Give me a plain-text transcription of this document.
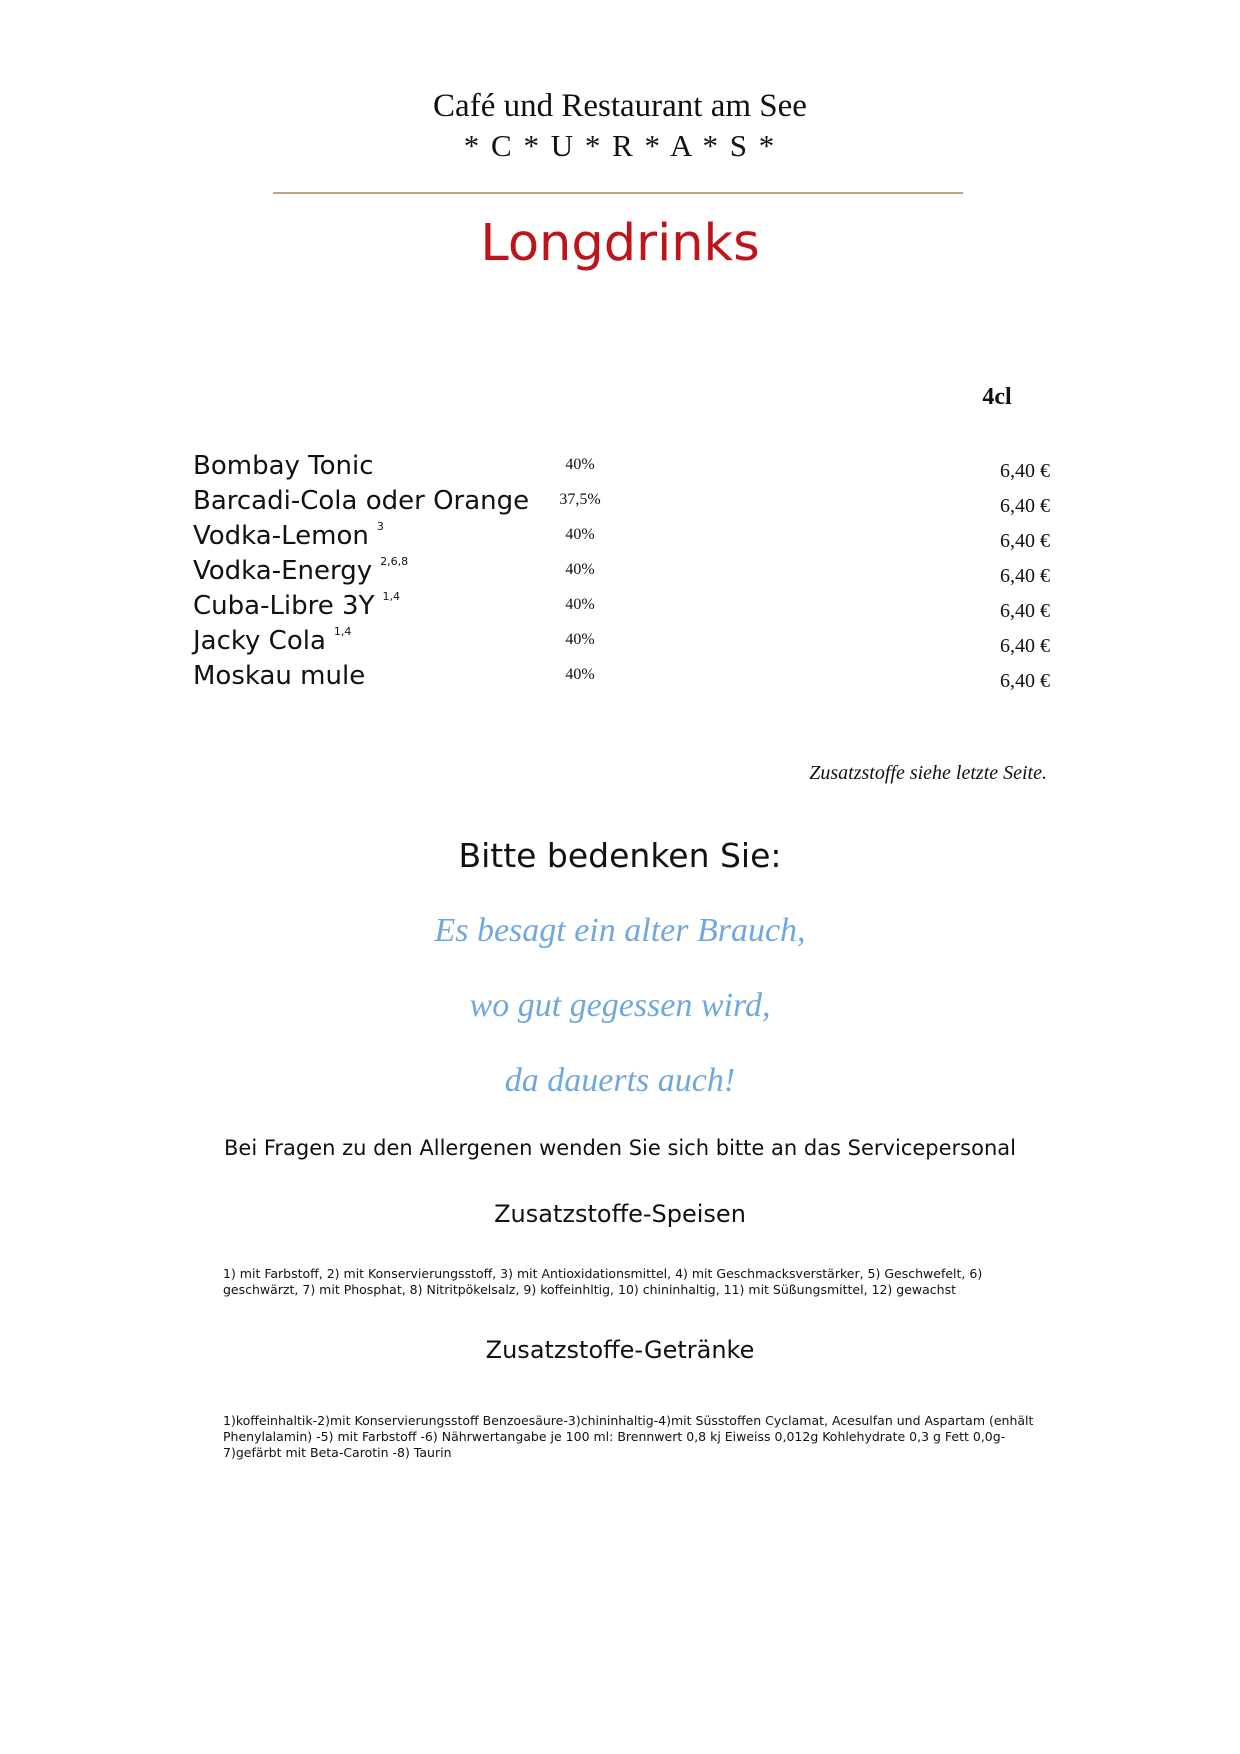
Café und Restaurant am See
* C * U * R * A * S *
Longdrinks
4cl
Bombay Tonic	40%	6,40 €
Barcadi-Cola oder Orange	37,5%	6,40 €
Vodka-Lemon $^3$	40%	6,40 €
Vodka-Energy $^{2,6,8}$	40%	6,40 €
Cuba-Libre 3Y $^{1,4}$	40%	6,40 €
Jacky Cola $^{1,4}$	40%	6,40 €
Moskau mule	40%	6,40 €
Zusatzstoffe siehe letzte Seite.
Bitte bedenken Sie:
Es besagt ein alter Brauch,
wo gut gegessen wird,
da dauerts auch!
Bei Fragen zu den Allergenen wenden Sie sich bitte an das Servicepersonal
Zusatzstoffe-Speisen
1) mit Farbstoff, 2) mit Konservierungsstoff, 3) mit Antioxidationsmittel, 4) mit Geschmacksverstärker, 5) Geschwefelt, 6) geschwärzt, 7) mit Phosphat, 8) Nitritpökelsalz, 9) koffeinhltig, 10) chininhaltig, 11) mit Süßungsmittel, 12) gewachst
Zusatzstoffe-Getränke
1)koffeinhaltik-2)mit Konservierungsstoff Benzoesäure-3)chininhaltig-4)mit Süsstoffen Cyclamat, Acesulfan und Aspartam (enhält Phenylalamin) -5) mit Farbstoff -6) Nährwertangabe je 100 ml: Brennwert 0,8 kj Eiweiss 0,012g Kohlehydrate 0,3 g Fett 0,0g-7)gefärbt mit Beta-Carotin -8) Taurin
